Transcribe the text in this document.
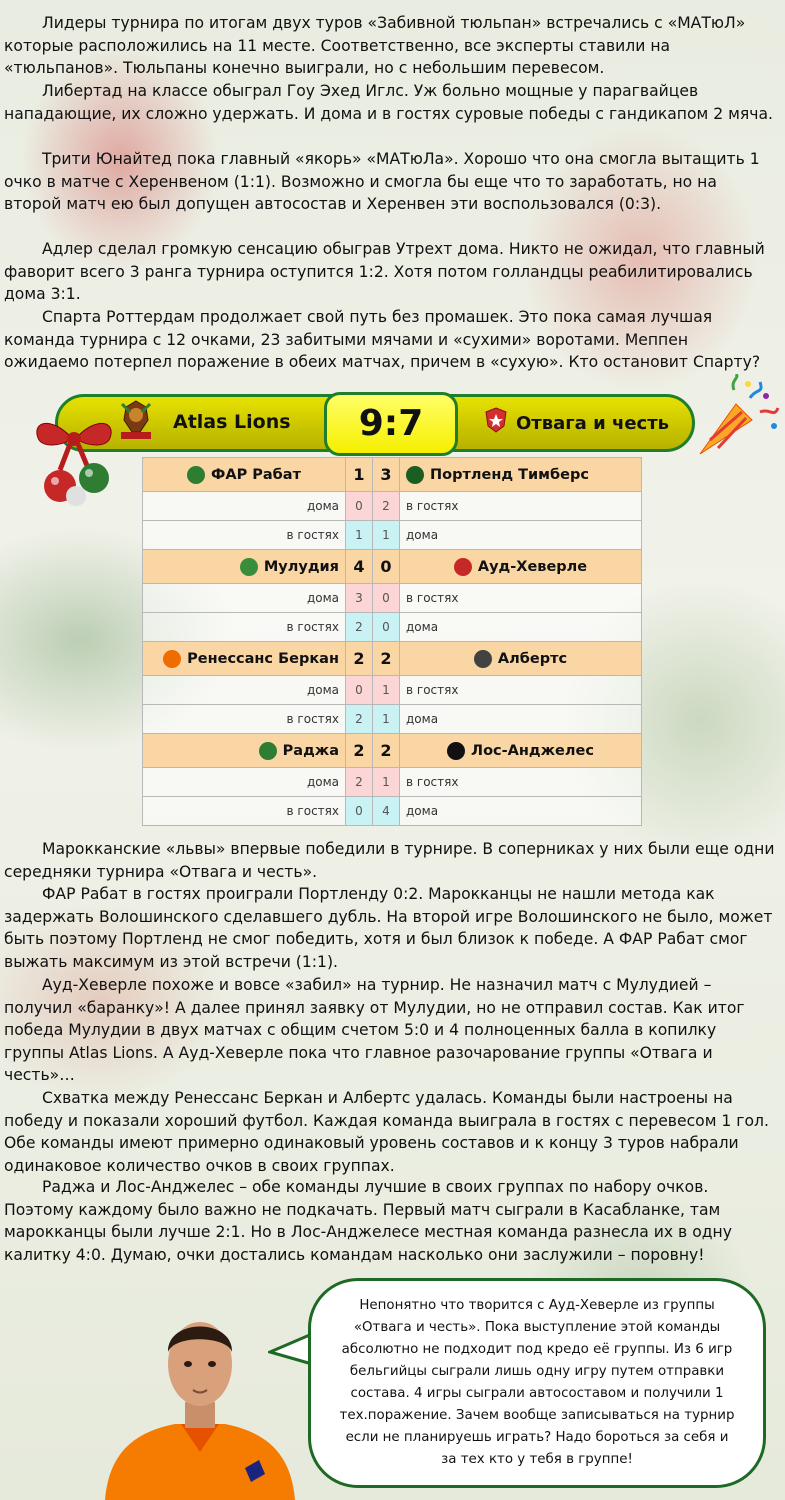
Лидеры турнира по итогам двух туров «Забивной тюльпан» встречались с «МАТюЛ» которые расположились на 11 месте. Соответственно, все эксперты ставили на «тюльпанов». Тюльпаны конечно выиграли, но с небольшим перевесом.

Либертад на классе обыграл Гоу Эхед Иглс. Уж больно мощные у парагвайцев нападающие, их сложно удержать. И дома и в гостях суровые победы с гандикапом 2 мяча.

Трити Юнайтед пока главный «якорь» «МАТюЛа». Хорошо что она смогла вытащить 1 очко в матче с Херенвеном (1:1). Возможно и смогла бы еще что то заработать, но на второй матч ею был допущен автосостав и Херенвен эти воспользовался (0:3).

Адлер сделал громкую сенсацию обыграв Утрехт дома. Никто не ожидал, что главный фаворит всего 3 ранга турнира оступится 1:2. Хотя потом голландцы реабилитировались дома 3:1.

Спарта Роттердам продолжает свой путь без промашек. Это пока самая лучшая команда турнира с 12 очками, 23 забитыми мячами и «сухими» воротами. Меппен ожидаемо потерпел поражение в обеих матчах, причем в «сухую». Кто остановит Спарту?

Atlas Lions	Отвага и честь
9:7
ФАР Рабат	1	3	Портленд Тимберс

дома	0	2	в гостях
в гостях	1	1	дома

Мулудия	4	0	Ауд-Хеверле

дома	3	0	в гостях
в гостях	2	0	дома

Ренессанс Беркан	2	2	Албертс

дома	0	1	в гостях
в гостях	2	1	дома

Раджа	2	2	Лос-Анджелес

дома	2	1	в гостях
в гостях	0	4	дома

Марокканские «львы» впервые победили в турнире. В соперниках у них были еще одни середняки турнира «Отвага и честь».

ФАР Рабат в гостях проиграли Портленду 0:2. Марокканцы не нашли метода как задержать Волошинского сделавшего дубль. На второй игре Волошинского не было, может быть поэтому Портленд не смог победить, хотя и был близок к победе. А ФАР Рабат смог выжать максимум из этой встречи (1:1).

Ауд-Хеверле похоже и вовсе «забил» на турнир. Не назначил матч с Мулудией – получил «баранку»! А далее принял заявку от Мулудии, но не отправил состав. Как итог победа Мулудии в двух матчах с общим счетом 5:0 и 4 полноценных балла в копилку группы Atlas Lions. А Ауд-Хеверле пока что главное разочарование группы «Отвага и честь»…

Схватка между Ренессанс Беркан и Албертс удалась. Команды были настроены на победу и показали хороший футбол. Каждая команда выиграла в гостях с перевесом 1 гол. Обе команды имеют примерно одинаковый уровень составов и к концу 3 туров набрали одинаковое количество очков в своих группах.

Раджа и Лос-Анджелес – обе команды лучшие в своих группах по набору очков. Поэтому каждому было важно не подкачать. Первый матч сыграли в Касабланке, там марокканцы были лучше 2:1. Но в Лос-Анджелесе местная команда разнесла их в одну калитку 4:0. Думаю, очки достались командам насколько они заслужили – поровну!

Непонятно что творится с Ауд-Хеверле из группы «Отвага и честь». Пока выступление этой команды абсолютно не подходит под кредо её группы. Из 6 игр бельгийцы сыграли лишь одну игру путем отправки состава. 4 игры сыграли автосоставом и получили 1 тех.поражение. Зачем вообще записываться на турнир если не планируешь играть? Надо бороться за себя и за тех кто у тебя в группе!
